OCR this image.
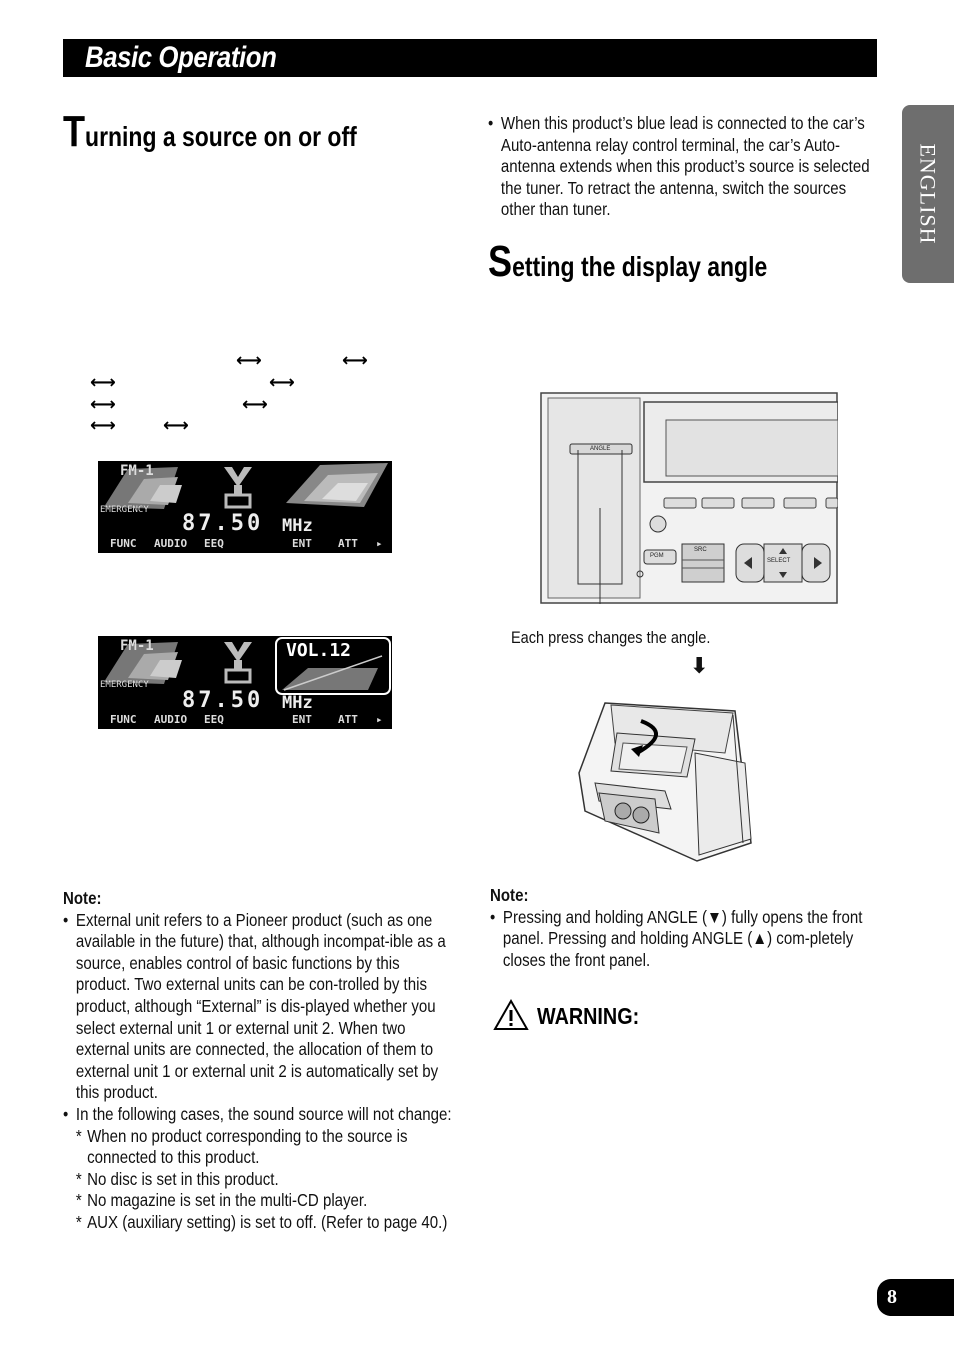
Basic Operation
ENGLISH
Turning a source on or off
⟷	⟷
⟷	⟷
⟷	⟷
⟷	⟷
FM-1
EMERGENCY
87.50 MHz
FUNC AUDIO EEQ	ENT ATT ▸
FM-1
EMERGENCY
VOL.12
87.50 MHz
FUNC AUDIO EEQ	ENT ATT ▸

Note:

• External unit refers to a Pioneer product (such as one available in the future) that, although incompat-ible as a source, enables control of basic functions by this product. Two external units can be con-trolled by this product, although “External” is dis-played whether you select external unit 1 or external unit 2. When two external units are connected, the allocation of them to external unit 1 or external unit 2 is automatically set by this product.

• In the following cases, the sound source will not change:

* When no product corresponding to the source is connected to this product.

* No disc is set in this product.

* No magazine is set in the multi-CD player.

* AUX (auxiliary setting) is set to off. (Refer to page 40.)

• When this product’s blue lead is connected to the car’s Auto-antenna relay control terminal, the car’s Auto-antenna extends when this product’s source is selected the tuner. To retract the antenna, switch the sources other than tuner.

Setting the display angle
ANGLE
PGM
SRC
SELECT
Each press changes the angle.
⬇

Note:

• Pressing and holding ANGLE (▼) fully opens the front panel. Pressing and holding ANGLE (▲) com-pletely closes the front panel.

WARNING:
8
